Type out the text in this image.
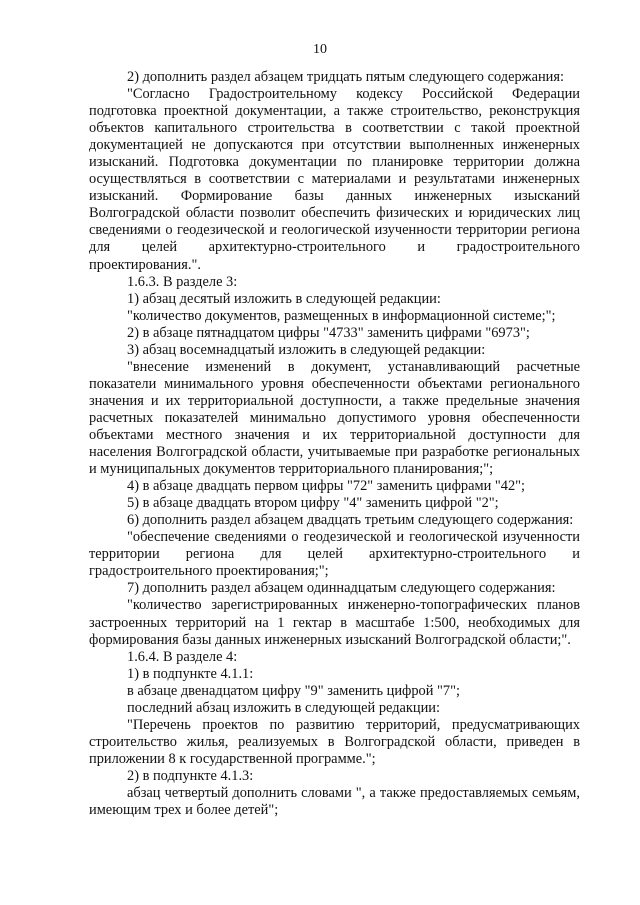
10

2) дополнить раздел абзацем тридцать пятым следующего содержания:

"Согласно Градостроительному кодексу Российской Федерации подготовка проектной документации, а также строительство, реконструкция объектов капитального строительства в соответствии с такой проектной документацией не допускаются при отсутствии выполненных инженерных изысканий. Подготовка документации по планировке территории должна осуществляться в соответствии с материалами и результатами инженерных изысканий. Формирование базы данных инженерных изысканий Волгоградской области позволит обеспечить физических и юридических лиц сведениями о геодезической и геологической изученности территории региона для целей архитектурно-строительного и градостроительного проектирования.".

1.6.3. В разделе 3:

1) абзац десятый изложить в следующей редакции:

"количество документов, размещенных в информационной системе;";

2) в абзаце пятнадцатом цифры "4733" заменить цифрами "6973";

3) абзац восемнадцатый изложить в следующей редакции:

"внесение изменений в документ, устанавливающий расчетные показатели минимального уровня обеспеченности объектами регионального значения и их территориальной доступности, а также предельные значения расчетных показателей минимально допустимого уровня обеспеченности объектами местного значения и их территориальной доступности для населения Волгоградской области, учитываемые при разработке региональных и муниципальных документов территориального планирования;";

4) в абзаце двадцать первом цифры "72" заменить цифрами "42";

5) в абзаце двадцать втором цифру "4" заменить цифрой "2";

6) дополнить раздел абзацем двадцать третьим следующего содержания:

"обеспечение сведениями о геодезической и геологической изученности территории региона для целей архитектурно-строительного и градостроительного проектирования;";

7) дополнить раздел абзацем одиннадцатым следующего содержания:

"количество зарегистрированных инженерно-топографических планов застроенных территорий на 1 гектар в масштабе 1:500, необходимых для формирования базы данных инженерных изысканий Волгоградской области;".

1.6.4. В разделе 4:

1) в подпункте 4.1.1:

в абзаце двенадцатом цифру "9" заменить цифрой "7";

последний абзац изложить в следующей редакции:

"Перечень проектов по развитию территорий, предусматривающих строительство жилья, реализуемых в Волгоградской области, приведен в приложении 8 к государственной программе.";

2) в подпункте 4.1.3:

абзац четвертый дополнить словами ", а также предоставляемых семьям, имеющим трех и более детей";
